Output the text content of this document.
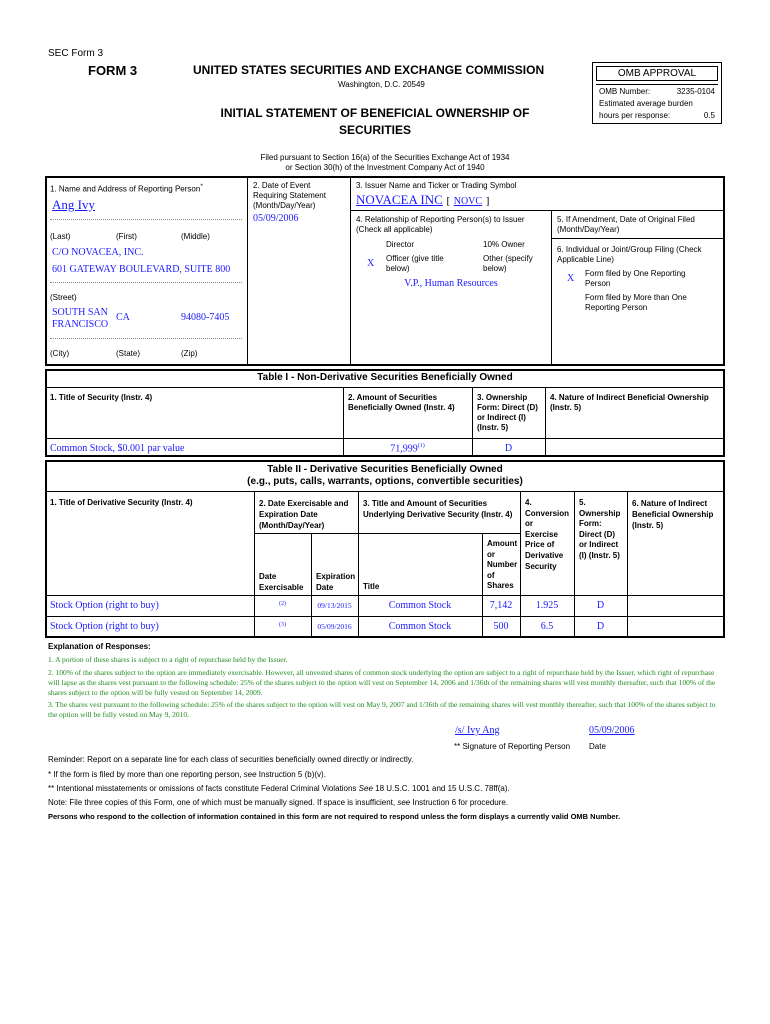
SEC Form 3
FORM 3	UNITED STATES SECURITIES AND EXCHANGE COMMISSION
Washington, D.C. 20549
INITIAL STATEMENT OF BENEFICIAL OWNERSHIP OF
SECURITIES
OMB APPROVAL
OMB Number:	3235-0104
Estimated average burden
hours per response:	0.5
Filed pursuant to Section 16(a) of the Securities Exchange Act of 1934
or Section 30(h) of the Investment Company Act of 1940
1. Name and Address of Reporting Person*
Ang Ivy
(Last)	(First)	(Middle)
C/O NOVACEA, INC.
601 GATEWAY BOULEVARD, SUITE 800
(Street)
SOUTH SAN FRANCISCO
CA	94080-7405
(City)	(State)	(Zip)
2. Date of Event
Requiring Statement
(Month/Day/Year)
05/09/2006
3. Issuer Name and Ticker or Trading Symbol
NOVACEA INC [ NOVC ]
4. Relationship of Reporting Person(s) to Issuer
(Check all applicable)
Director	10% Owner
X Officer (give title
below)
Other (specify
below)
V.P., Human Resources
5. If Amendment, Date of Original Filed
(Month/Day/Year)
6. Individual or Joint/Group Filing (Check
Applicable Line)
X Form filed by One Reporting
Person
Form filed by More than One
Reporting Person
Table I - Non-Derivative Securities Beneficially Owned
1. Title of Security (Instr. 4)	2. Amount of Securities
Beneficially Owned (Instr. 4)
3. Ownership
Form: Direct (D)
or Indirect (I)
(Instr. 5)
4. Nature of Indirect Beneficial Ownership
(Instr. 5)
Common Stock, $0.001 par value	71,999$^{(1)}$	D
Table II - Derivative Securities Beneficially Owned
(e.g., puts, calls, warrants, options, convertible securities)
1. Title of Derivative Security (Instr. 4)	2. Date Exercisable and
Expiration Date
(Month/Day/Year)
3. Title and Amount of Securities
Underlying Derivative Security (Instr. 4)
4.
Conversion
or
Exercise
Price of
Derivative
Security
5.
Ownership
Form:
Direct (D)
or Indirect
(I) (Instr. 5)
6. Nature of Indirect
Beneficial Ownership
(Instr. 5)
Date
Exercisable
Expiration
Date	Title
Amount
or
Number
of
Shares
Stock Option (right to buy)	(2)	09/13/2015	Common Stock	7,142	1.925	D
Stock Option (right to buy)	(3)	05/09/2016	Common Stock	500	6.5	D
Explanation of Responses:
1. A portion of these shares is subject to a right of repurchase held by the Issuer.
2. 100% of the shares subject to the option are immediately exercisable. However, all unvested shares of common stock underlying the option are subject to a right of repurchase held by the Issuer, which right of repurchase will lapse as the shares vest pursuant to the following schedule: 25% of the shares subject to the option will vest on September 14, 2006 and 1/36th of the remaining shares will vest monthly thereafter, such that 100% of the shares subject to the option will be fully vested on September 14, 2009.
3. The shares vest pursuant to the following schedule: 25% of the shares subject to the option will vest on May 9, 2007 and 1/36th of the remaining shares will vest monthly thereafter, such that 100% of the shares subject to the option will be fully vested on May 9, 2010.
/s/ Ivy Ang	05/09/2006
** Signature of Reporting Person Date
Reminder: Report on a separate line for each class of securities beneficially owned directly or indirectly.
* If the form is filed by more than one reporting person, see Instruction 5 (b)(v).
** Intentional misstatements or omissions of facts constitute Federal Criminal Violations See 18 U.S.C. 1001 and 15 U.S.C. 78ff(a).
Note: File three copies of this Form, one of which must be manually signed. If space is insufficient, see Instruction 6 for procedure.
Persons who respond to the collection of information contained in this form are not required to respond unless the form displays a currently valid OMB Number.
